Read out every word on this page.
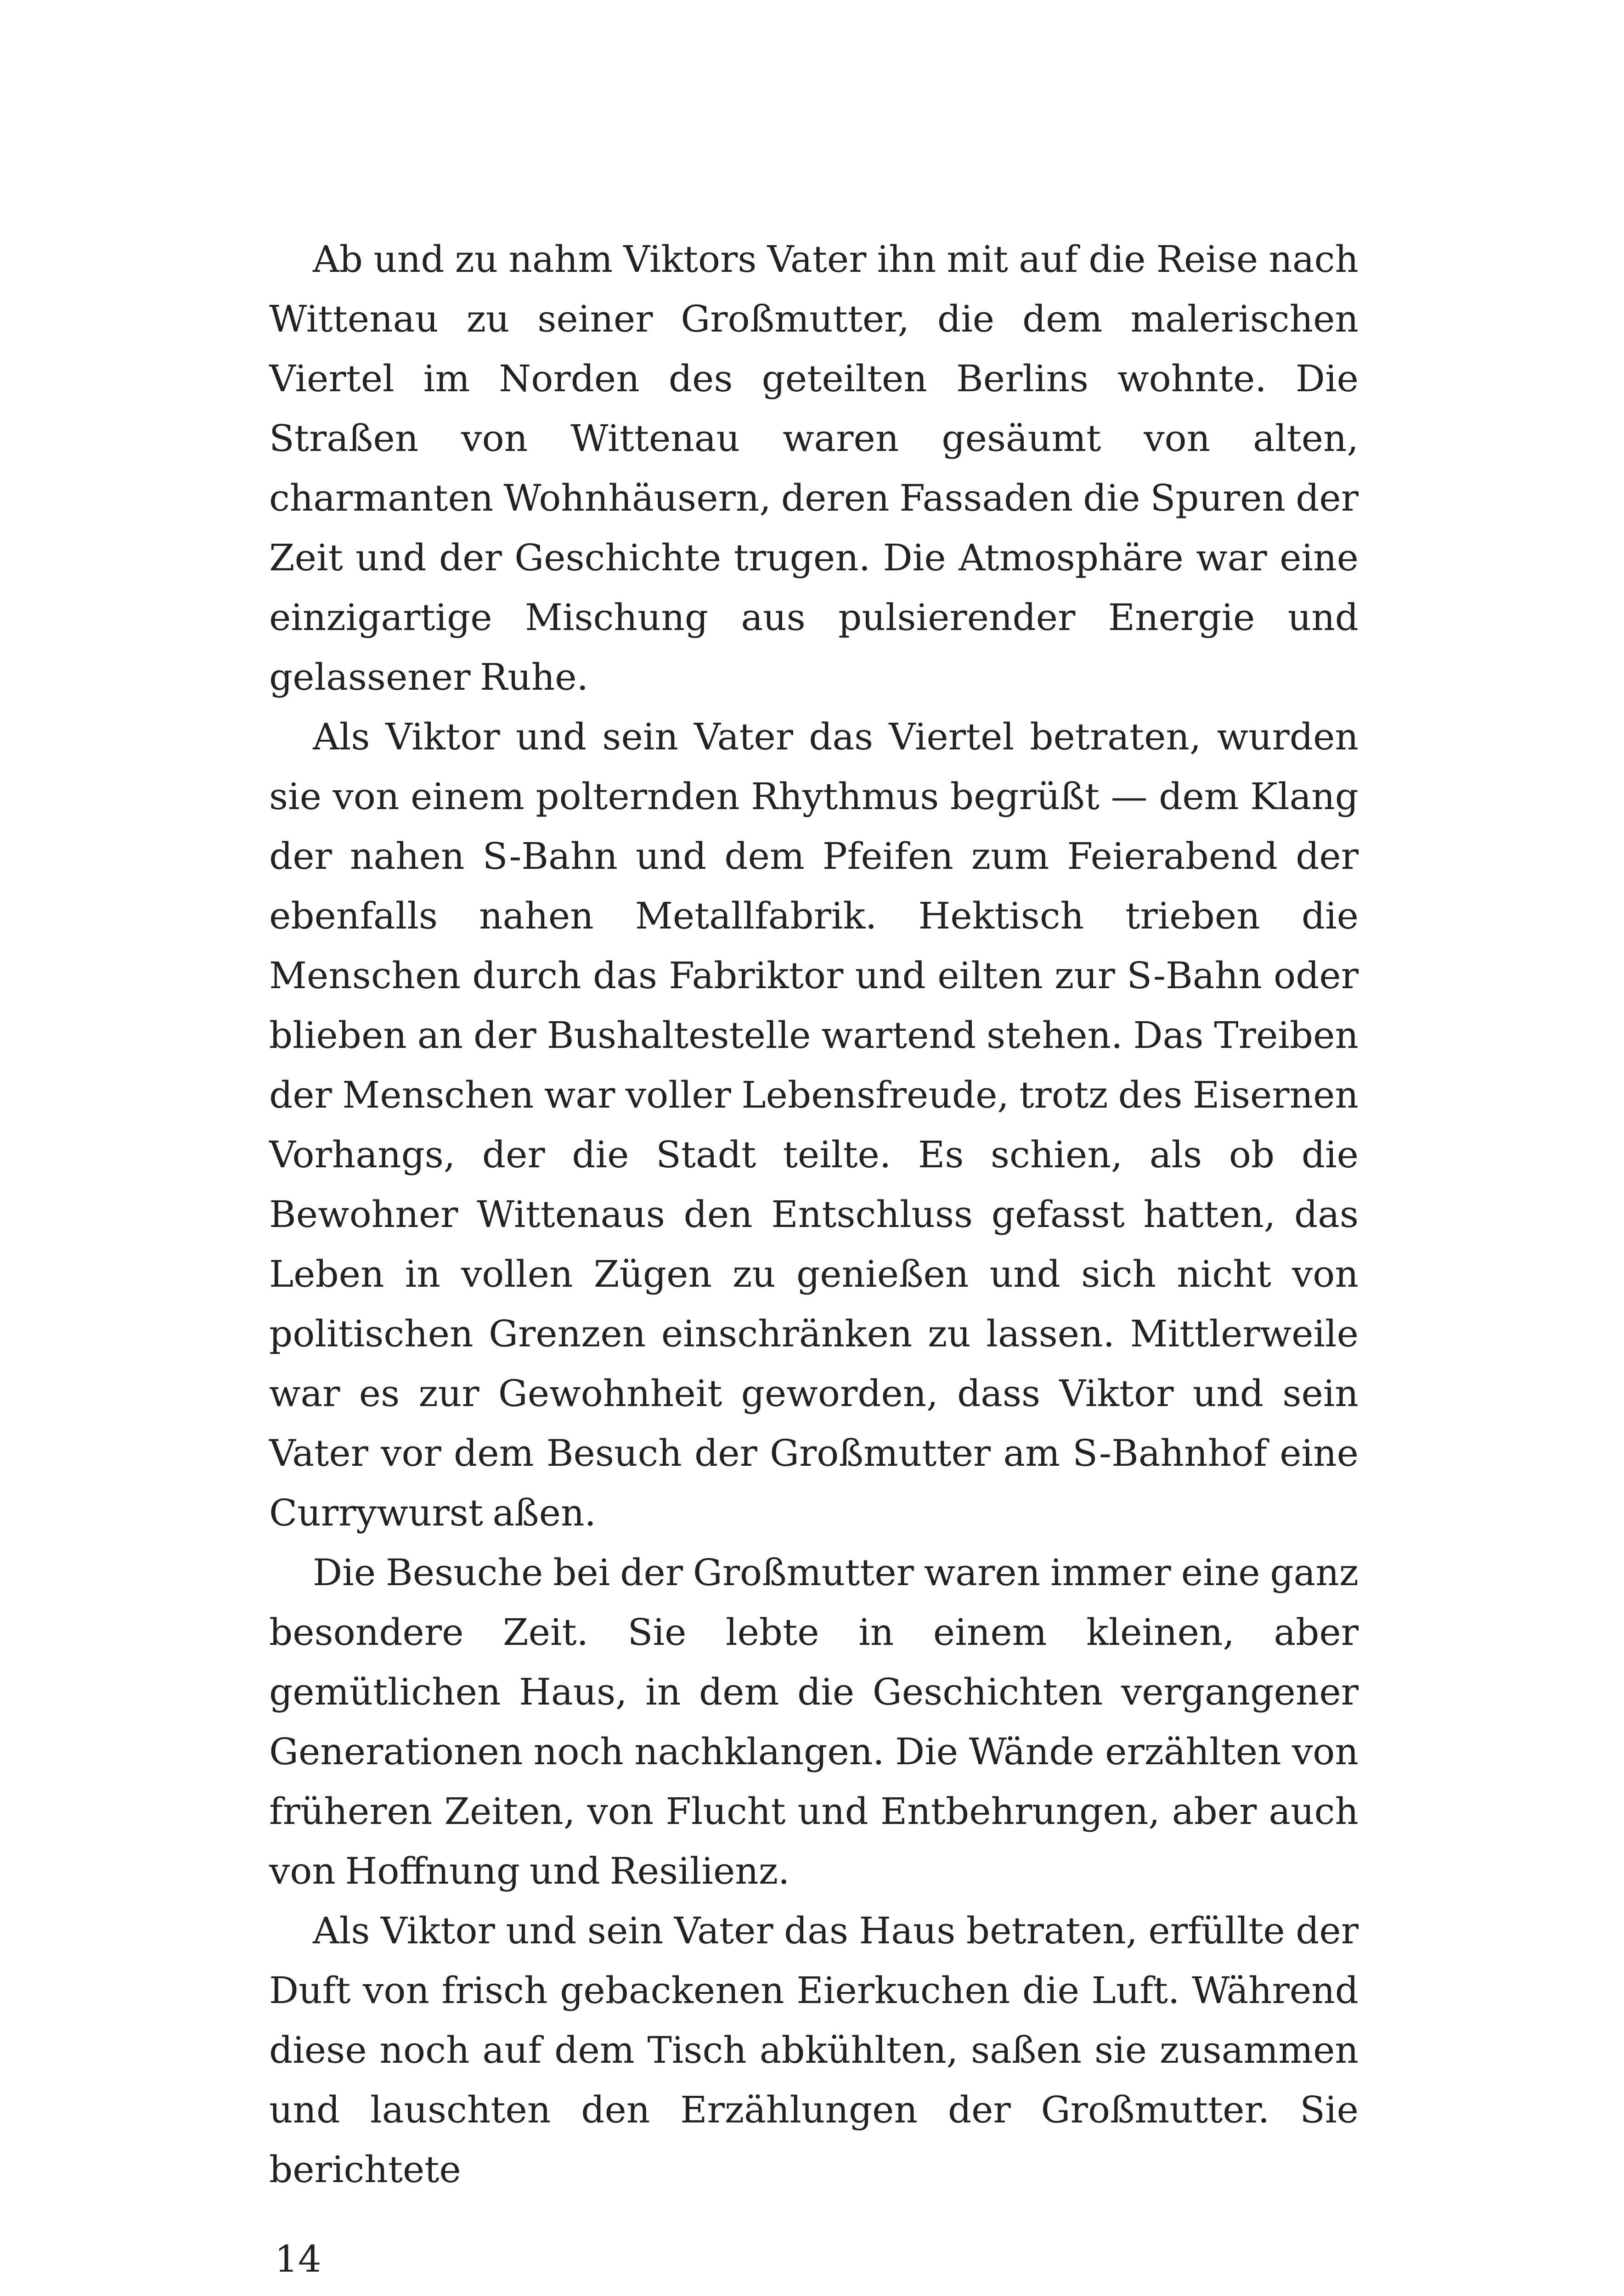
Ab und zu nahm Viktors Vater ihn mit auf die Reise nach Wittenau zu seiner Großmutter, die dem malerischen Viertel im Norden des geteilten Berlins wohnte. Die Straßen von Wittenau waren gesäumt von alten, charmanten Wohnhäusern, deren Fassaden die Spuren der Zeit und der Geschichte trugen. Die Atmosphäre war eine einzigartige Mischung aus pulsierender Energie und gelassener Ruhe.

Als Viktor und sein Vater das Viertel betraten, wurden sie von einem polternden Rhythmus begrüßt — dem Klang der nahen S-Bahn und dem Pfeifen zum Feierabend der ebenfalls nahen Metallfabrik. Hektisch trieben die Menschen durch das Fabriktor und eilten zur S-Bahn oder blieben an der Bushaltestelle wartend stehen. Das Treiben der Menschen war voller Lebensfreude, trotz des Eisernen Vorhangs, der die Stadt teilte. Es schien, als ob die Bewohner Wittenaus den Entschluss gefasst hatten, das Leben in vollen Zügen zu genießen und sich nicht von politischen Grenzen einschränken zu lassen. Mittlerweile war es zur Gewohnheit geworden, dass Viktor und sein Vater vor dem Besuch der Großmutter am S-Bahnhof eine Currywurst aßen.

Die Besuche bei der Großmutter waren immer eine ganz besondere Zeit. Sie lebte in einem kleinen, aber gemütlichen Haus, in dem die Geschichten vergangener Generationen noch nachklangen. Die Wände erzählten von früheren Zeiten, von Flucht und Entbehrungen, aber auch von Hoffnung und Resilienz.

Als Viktor und sein Vater das Haus betraten, erfüllte der Duft von frisch gebackenen Eierkuchen die Luft. Während diese noch auf dem Tisch abkühlten, saßen sie zusammen und lauschten den Erzählungen der Großmutter. Sie berichtete

14
